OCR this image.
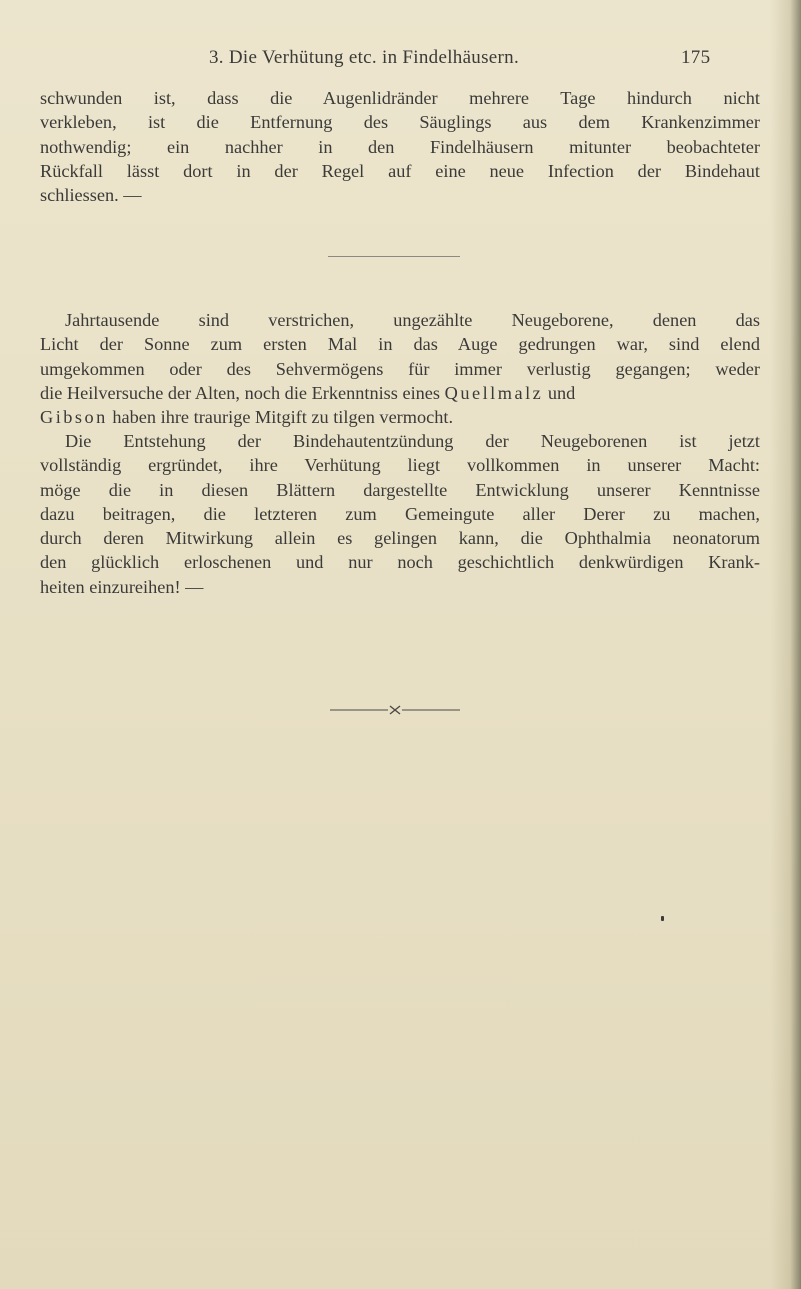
3. Die Verhütung etc. in Findelhäusern.	175
schwunden ist, dass die Augenlidränder mehrere Tage hindurch nicht
verkleben, ist die Entfernung des Säuglings aus dem Krankenzimmer
nothwendig; ein nachher in den Findelhäusern mitunter beobachteter
Rückfall lässt dort in der Regel auf eine neue Infection der Bindehaut
schliessen. —
Jahrtausende sind verstrichen, ungezählte Neugeborene, denen das
Licht der Sonne zum ersten Mal in das Auge gedrungen war, sind elend
umgekommen oder des Sehvermögens für immer verlustig gegangen; weder
die Heilversuche der Alten, noch die Erkenntniss eines Quellmalz und
Gibson haben ihre traurige Mitgift zu tilgen vermocht.
Die Entstehung der Bindehautentzündung der Neugeborenen ist jetzt
vollständig ergründet, ihre Verhütung liegt vollkommen in unserer Macht:
möge die in diesen Blättern dargestellte Entwicklung unserer Kenntnisse
dazu beitragen, die letzteren zum Gemeingute aller Derer zu machen,
durch deren Mitwirkung allein es gelingen kann, die Ophthalmia neonatorum
den glücklich erloschenen und nur noch geschichtlich denkwürdigen Krank-
heiten einzureihen! —
